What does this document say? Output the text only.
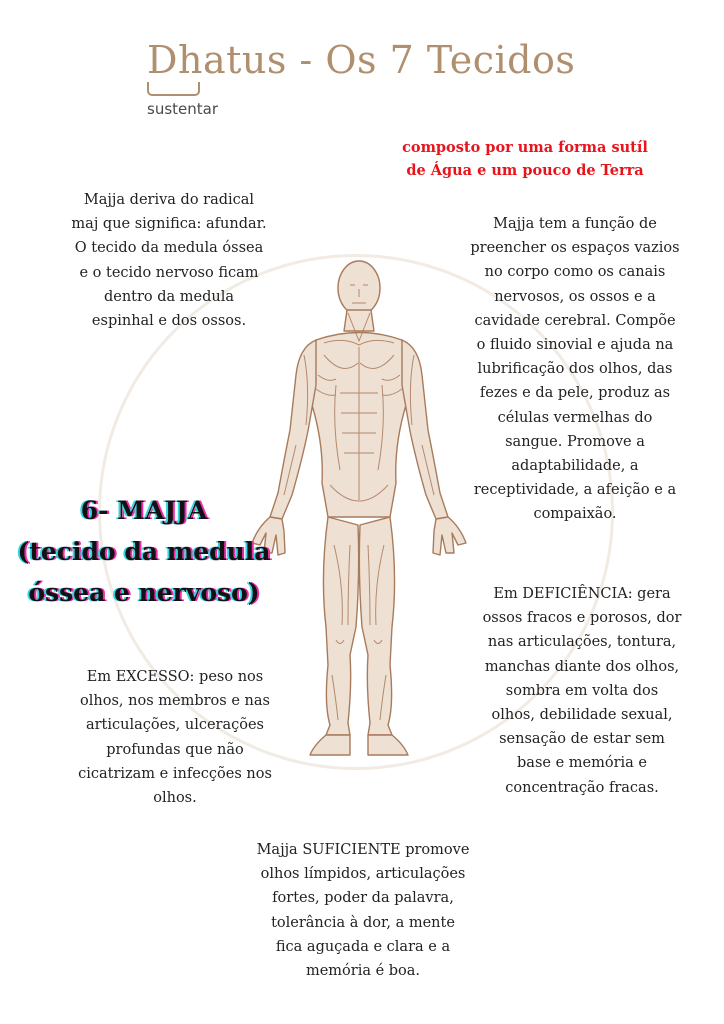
Dhatus - Os 7 Tecidos
sustentar
composto por uma forma sutíl
de Água e um pouco de Terra
Majja deriva do radical
maj que significa: afundar.
O tecido da medula óssea
e o tecido nervoso ficam
dentro da medula
espinhal e dos ossos.
Majja tem a função de
preencher os espaços vazios
no corpo como os canais
nervosos, os ossos e a
cavidade cerebral. Compõe
o fluido sinovial e ajuda na
lubrificação dos olhos, das
fezes e da pele, produz as
células vermelhas do
sangue. Promove a
adaptabilidade, a
receptividade, a afeição e a
compaixão.
6- MAJJA
(tecido da medula
óssea e nervoso)	Em DEFICIÊNCIA: gera
ossos fracos e porosos, dor
nas articulações, tontura,
manchas diante dos olhos,
sombra em volta dos
olhos, debilidade sexual,
sensação de estar sem
base e memória e
concentração fracas.
Em EXCESSO: peso nos
olhos, nos membros e nas
articulações, ulcerações
profundas que não
cicatrizam e infecções nos
olhos.
Majja SUFICIENTE promove
olhos límpidos, articulações
fortes, poder da palavra,
tolerância à dor, a mente
fica aguçada e clara e a
memória é boa.
